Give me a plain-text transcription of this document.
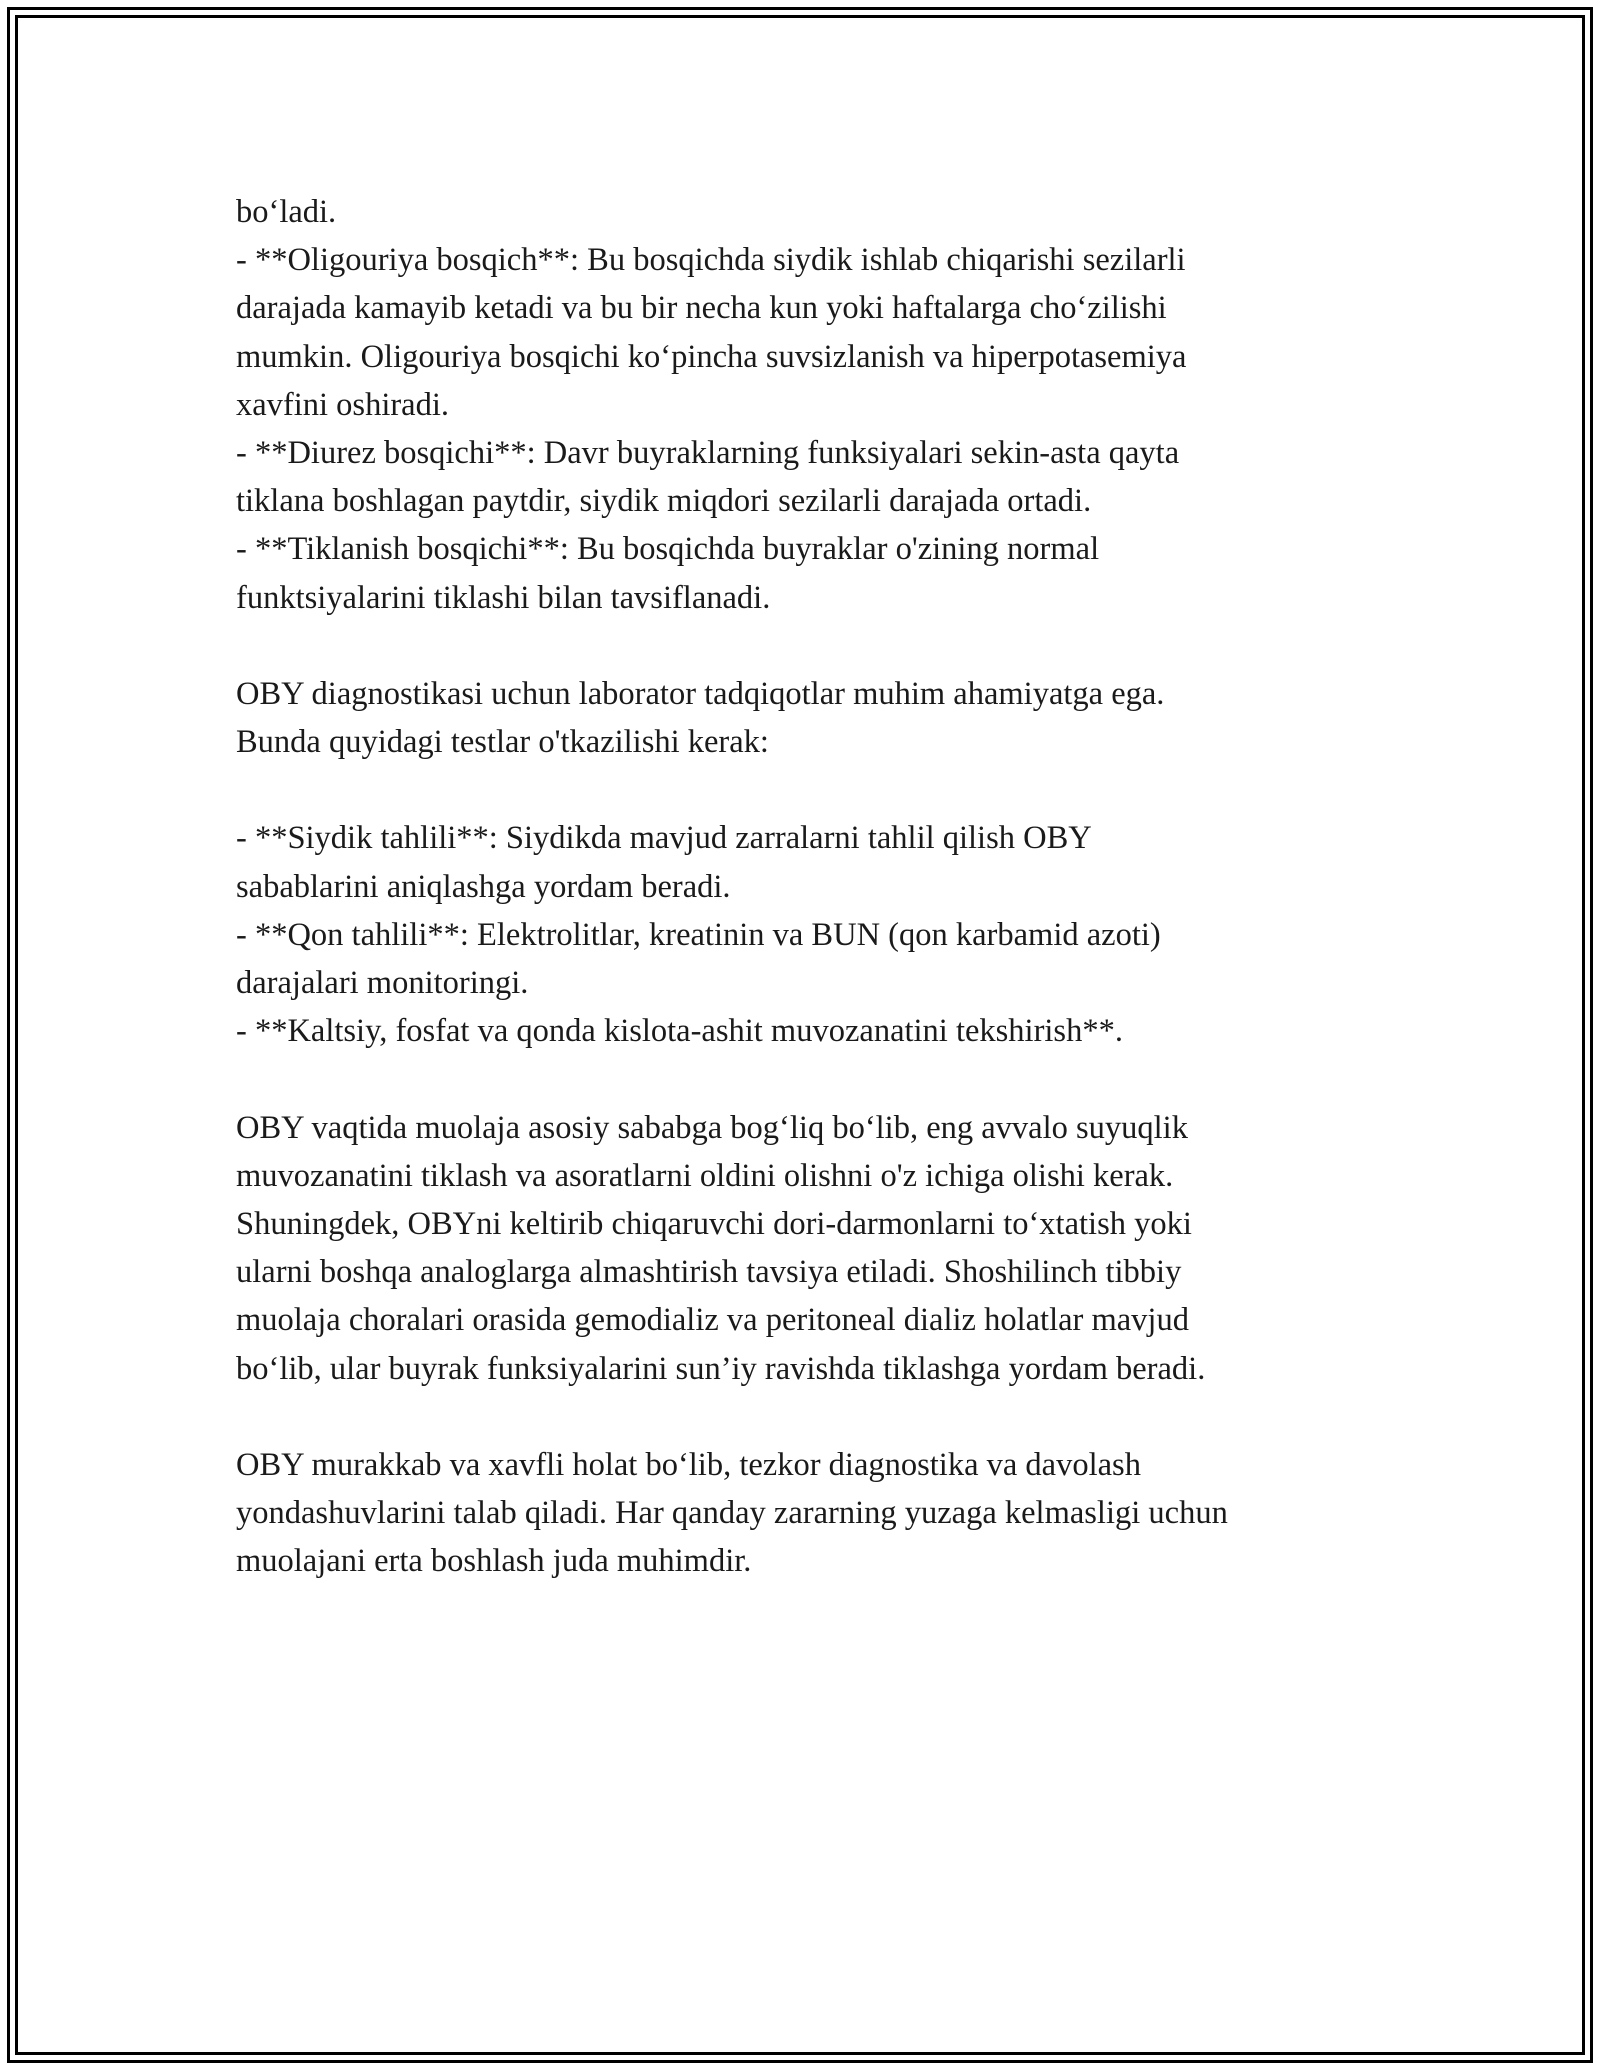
bo‘ladi.
- **Oligouriya bosqich**: Bu bosqichda siydik ishlab chiqarishi sezilarli
darajada kamayib ketadi va bu bir necha kun yoki haftalarga cho‘zilishi
mumkin. Oligouriya bosqichi ko‘pincha suvsizlanish va hiperpotasemiya
xavfini oshiradi.
- **Diurez bosqichi**: Davr buyraklarning funksiyalari sekin-asta qayta
tiklana boshlagan paytdir, siydik miqdori sezilarli darajada ortadi.
- **Tiklanish bosqichi**: Bu bosqichda buyraklar o'zining normal
funktsiyalarini tiklashi bilan tavsiflanadi.
OBY diagnostikasi uchun laborator tadqiqotlar muhim ahamiyatga ega.
Bunda quyidagi testlar o'tkazilishi kerak:
- **Siydik tahlili**: Siydikda mavjud zarralarni tahlil qilish OBY
sabablarini aniqlashga yordam beradi.
- **Qon tahlili**: Elektrolitlar, kreatinin va BUN (qon karbamid azoti)
darajalari monitoringi.
- **Kaltsiy, fosfat va qonda kislota-ashit muvozanatini tekshirish**.
OBY vaqtida muolaja asosiy sababga bog‘liq bo‘lib, eng avvalo suyuqlik
muvozanatini tiklash va asoratlarni oldini olishni o'z ichiga olishi kerak.
Shuningdek, OBYni keltirib chiqaruvchi dori-darmonlarni to‘xtatish yoki
ularni boshqa analoglarga almashtirish tavsiya etiladi. Shoshilinch tibbiy
muolaja choralari orasida gemodializ va peritoneal dializ holatlar mavjud
bo‘lib, ular buyrak funksiyalarini sun’iy ravishda tiklashga yordam beradi.
OBY murakkab va xavfli holat bo‘lib, tezkor diagnostika va davolash
yondashuvlarini talab qiladi. Har qanday zararning yuzaga kelmasligi uchun
muolajani erta boshlash juda muhimdir.
